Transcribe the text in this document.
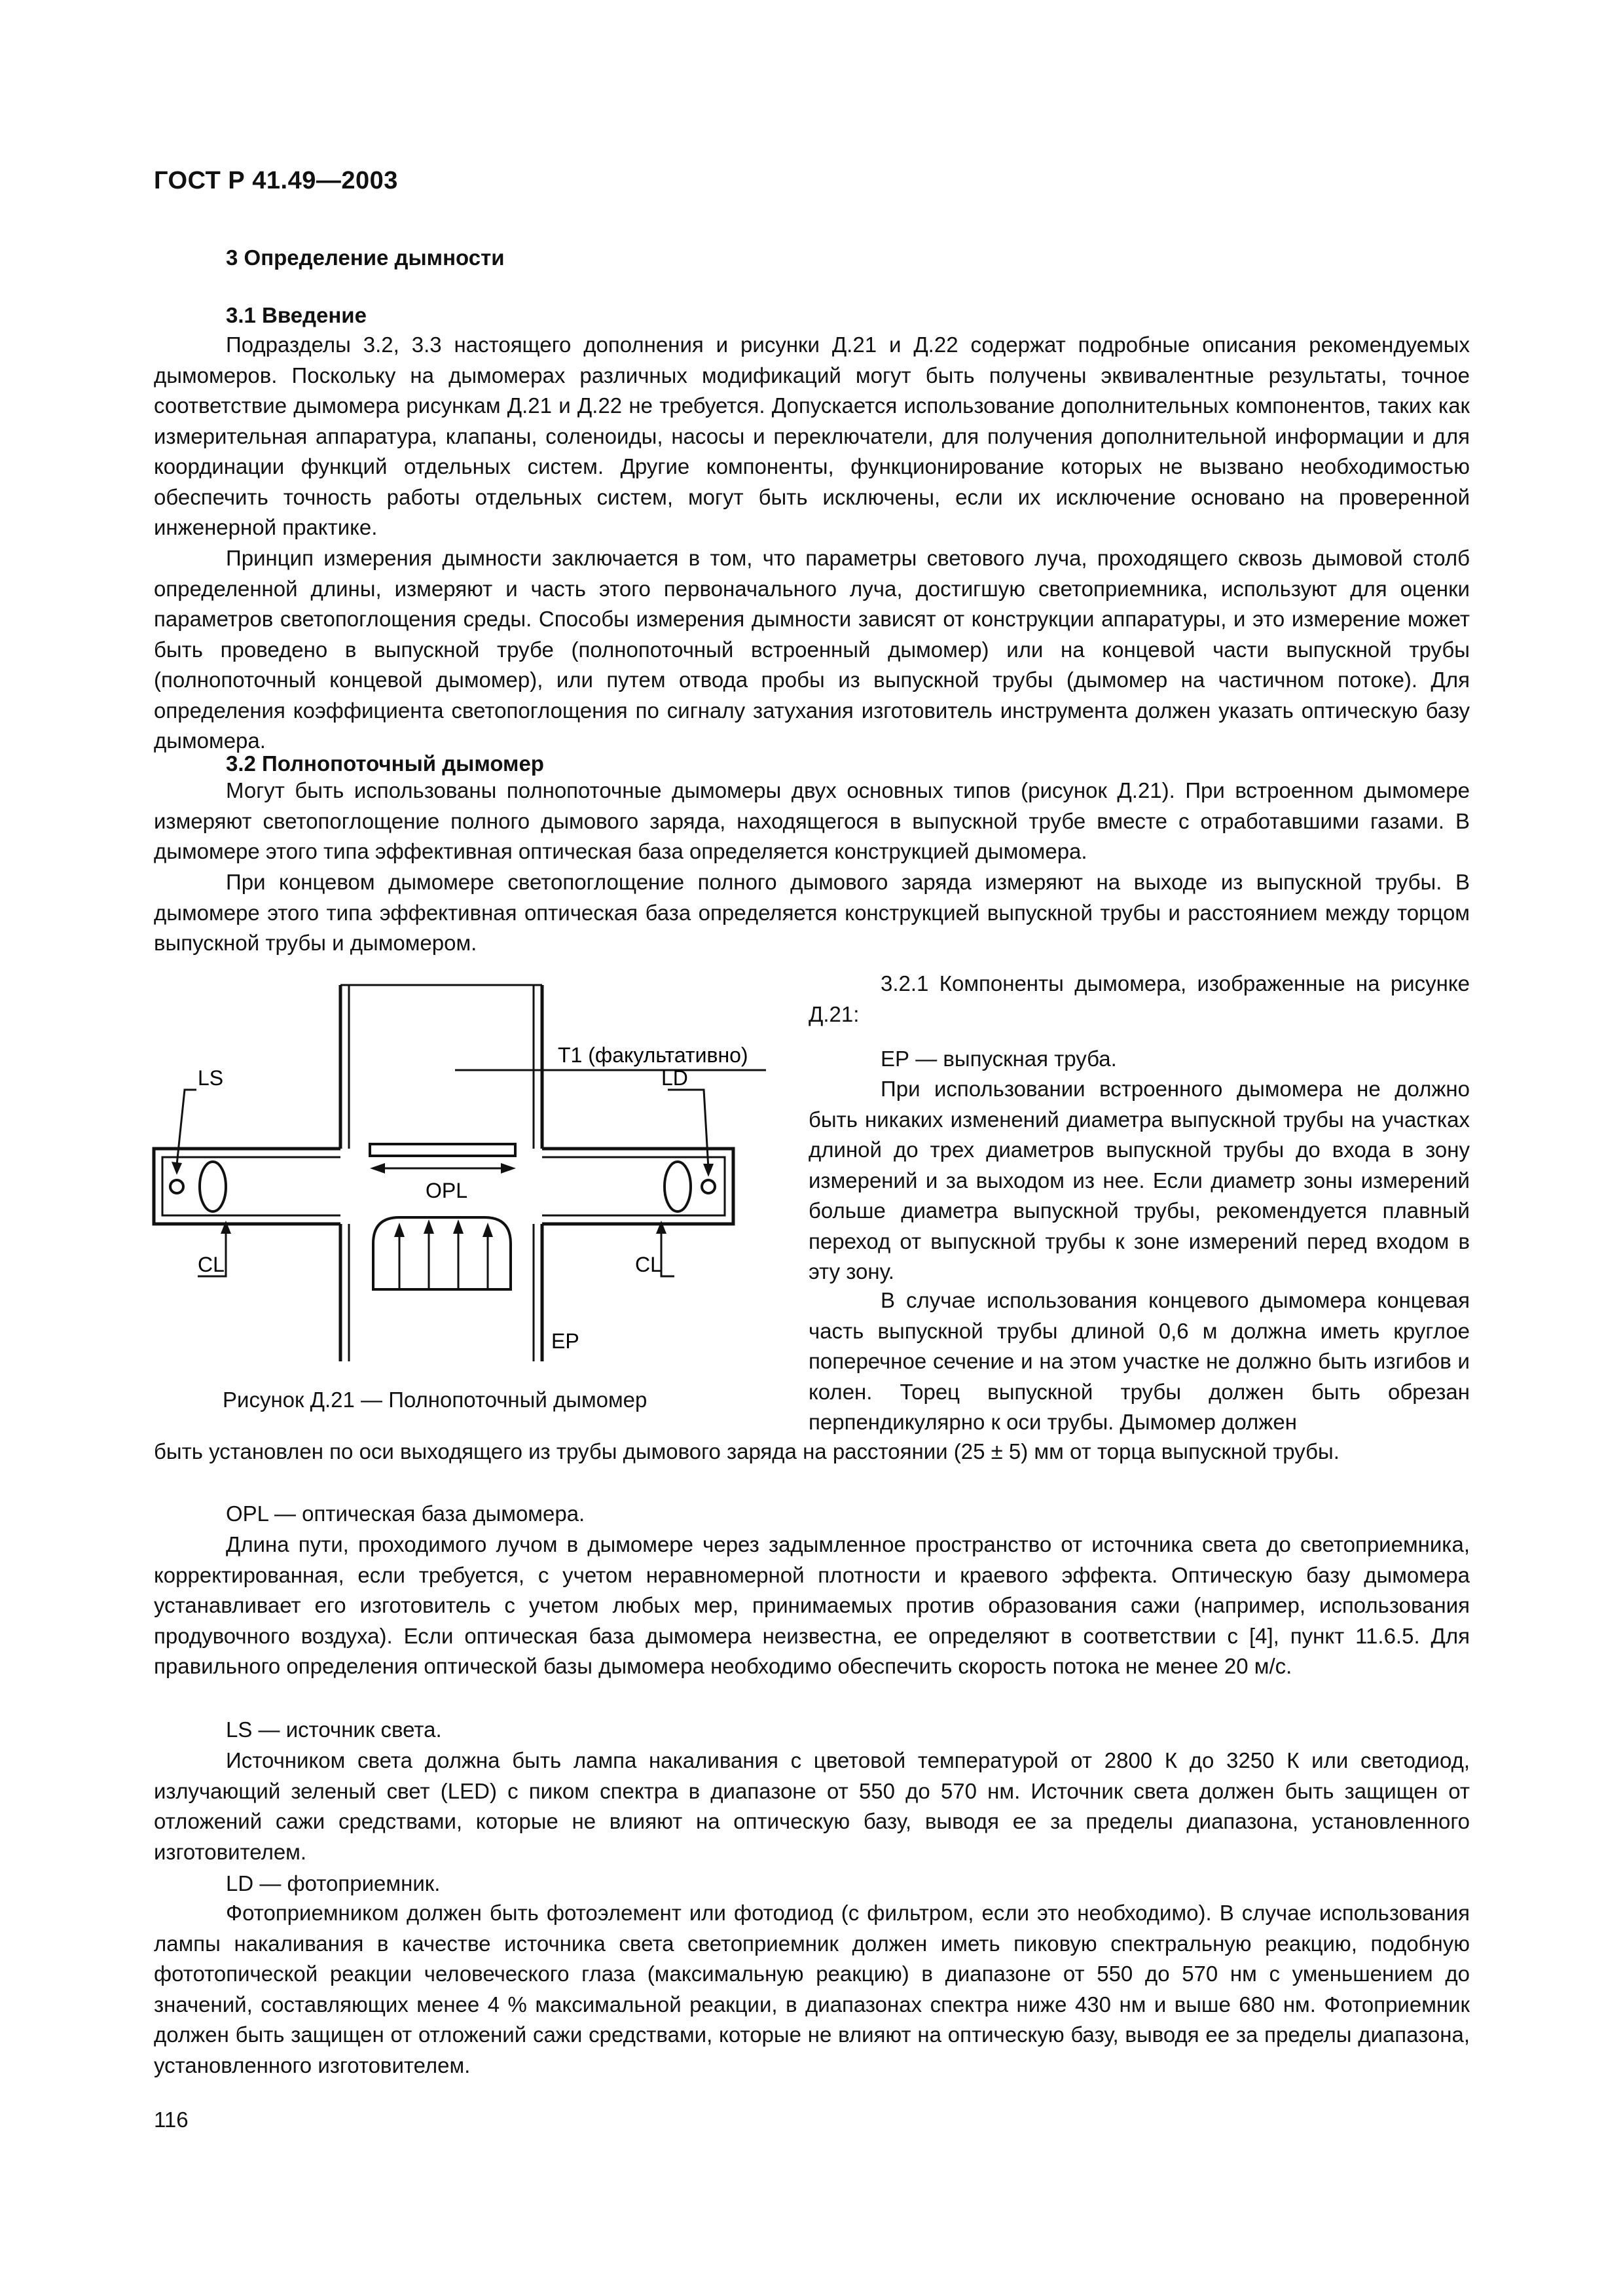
ГОСТ Р 41.49—2003
3 Определение дымности
3.1 Введение

Подразделы 3.2, 3.3 настоящего дополнения и рисунки Д.21 и Д.22 содержат подробные описания рекомендуемых дымомеров. Поскольку на дымомерах различных модификаций могут быть получены эквивалентные результаты, точное соответствие дымомера рисункам Д.21 и Д.22 не требуется. Допускается использование дополнительных компонентов, таких как измерительная аппаратура, клапаны, соленоиды, насосы и переключатели, для получения дополнительной информации и для координации функций отдельных систем. Другие компоненты, функционирование которых не вызвано необходимостью обеспечить точность работы отдельных систем, могут быть исключены, если их исключение основано на проверенной инженерной практике.

Принцип измерения дымности заключается в том, что параметры светового луча, проходящего сквозь дымовой столб определенной длины, измеряют и часть этого первоначального луча, достигшую светоприемника, используют для оценки параметров светопоглощения среды. Способы измерения дымности зависят от конструкции аппаратуры, и это измерение может быть проведено в выпускной трубе (полнопоточный встроенный дымомер) или на концевой части выпускной трубы (полнопоточный концевой дымомер), или путем отвода пробы из выпускной трубы (дымомер на частичном потоке). Для определения коэффициента светопоглощения по сигналу затухания изготовитель инструмента должен указать оптическую базу дымомера.

3.2 Полнопоточный дымомер

Могут быть использованы полнопоточные дымомеры двух основных типов (рисунок Д.21). При встроенном дымомере измеряют светопоглощение полного дымового заряда, находящегося в выпускной трубе вместе с отработавшими газами. В дымомере этого типа эффективная оптическая база определяется конструкцией дымомера.

При концевом дымомере светопоглощение полного дымового заряда измеряют на выходе из выпускной трубы. В дымомере этого типа эффективная оптическая база определяется конструкцией выпускной трубы и расстоянием между торцом выпускной трубы и дымомером.

Т1 (факультативно)
LS	LD
OPL
CL	CL
EP
Рисунок Д.21 — Полнопоточный дымомер

3.2.1 Компоненты дымомера, изображенные на рисунке Д.21:

ЕР — выпускная труба.

При использовании встроенного дымомера не должно быть никаких изменений диаметра выпускной трубы на участках длиной до трех диаметров выпускной трубы до входа в зону измерений и за выходом из нее. Если диаметр зоны измерений больше диаметра выпускной трубы, рекомендуется плавный переход от выпускной трубы к зоне измерений перед входом в эту зону.

В случае использования концевого дымомера концевая часть выпускной трубы длиной 0,6 м должна иметь круглое поперечное сечение и на этом участке не должно быть изгибов и колен. Торец выпускной трубы должен быть обрезан перпендикулярно к оси трубы. Дымомер должен

быть установлен по оси выходящего из трубы дымового заряда на расстоянии (25 ± 5) мм от торца выпускной трубы.

OPL — оптическая база дымомера.

Длина пути, проходимого лучом в дымомере через задымленное пространство от источника света до светоприемника, корректированная, если требуется, с учетом неравномерной плотности и краевого эффекта. Оптическую базу дымомера устанавливает его изготовитель с учетом любых мер, принимаемых против образования сажи (например, использования продувочного воздуха). Если оптическая база дымомера неизвестна, ее определяют в соответствии с [4], пункт 11.6.5. Для правильного определения оптической базы дымомера необходимо обеспечить скорость потока не менее 20 м/с.

LS — источник света.

Источником света должна быть лампа накаливания с цветовой температурой от 2800 К до 3250 К или светодиод, излучающий зеленый свет (LED) с пиком спектра в диапазоне от 550 до 570 нм. Источник света должен быть защищен от отложений сажи средствами, которые не влияют на оптическую базу, выводя ее за пределы диапазона, установленного изготовителем.

LD — фотоприемник.

Фотоприемником должен быть фотоэлемент или фотодиод (с фильтром, если это необходимо). В случае использования лампы накаливания в качестве источника света светоприемник должен иметь пиковую спектральную реакцию, подобную фототопической реакции человеческого глаза (максимальную реакцию) в диапазоне от 550 до 570 нм с уменьшением до значений, составляющих менее 4 % максимальной реакции, в диапазонах спектра ниже 430 нм и выше 680 нм. Фотоприемник должен быть защищен от отложений сажи средствами, которые не влияют на оптическую базу, выводя ее за пределы диапазона, установленного изготовителем.

116
